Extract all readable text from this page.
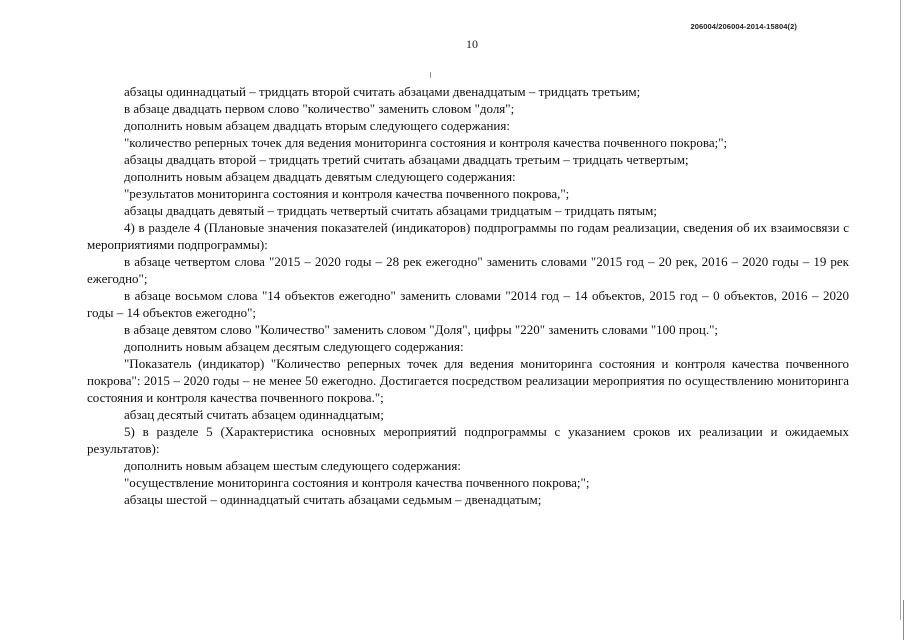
206004/206004-2014-15804(2)
10

абзацы одиннадцатый – тридцать второй считать абзацами двенадцатым – тридцать третьим;

в абзаце двадцать первом слово "количество" заменить словом "доля";

дополнить новым абзацем двадцать вторым следующего содержания:

"количество реперных точек для ведения мониторинга состояния и контроля качества почвенного покрова;";

абзацы двадцать второй – тридцать третий считать абзацами двадцать третьим – тридцать четвертым;

дополнить новым абзацем двадцать девятым следующего содержания:

"результатов мониторинга состояния и контроля качества почвенного покрова,";

абзацы двадцать девятый – тридцать четвертый считать абзацами тридцатым – тридцать пятым;

4) в разделе 4 (Плановые значения показателей (индикаторов) подпрограммы по годам реализации, сведения об их взаимосвязи с мероприятиями подпрограммы):

в абзаце четвертом слова "2015 – 2020 годы – 28 рек ежегодно" заменить словами "2015 год – 20 рек, 2016 – 2020 годы – 19 рек ежегодно";

в абзаце восьмом слова "14 объектов ежегодно" заменить словами "2014 год – 14 объектов, 2015 год – 0 объектов, 2016 – 2020 годы – 14 объектов ежегодно";

в абзаце девятом слово "Количество" заменить словом "Доля", цифры "220" заменить словами "100 проц.";

дополнить новым абзацем десятым следующего содержания:

"Показатель (индикатор) "Количество реперных точек для ведения мониторинга состояния и контроля качества почвенного покрова": 2015 – 2020 годы – не менее 50 ежегодно. Достигается посредством реализации мероприятия по осуществлению мониторинга состояния и контроля качества почвенного покрова.";

абзац десятый считать абзацем одиннадцатым;

5) в разделе 5 (Характеристика основных мероприятий подпрограммы с указанием сроков их реализации и ожидаемых результатов):

дополнить новым абзацем шестым следующего содержания:

"осуществление мониторинга состояния и контроля качества почвенного покрова;";

абзацы шестой – одиннадцатый считать абзацами седьмым – двенадцатым;
